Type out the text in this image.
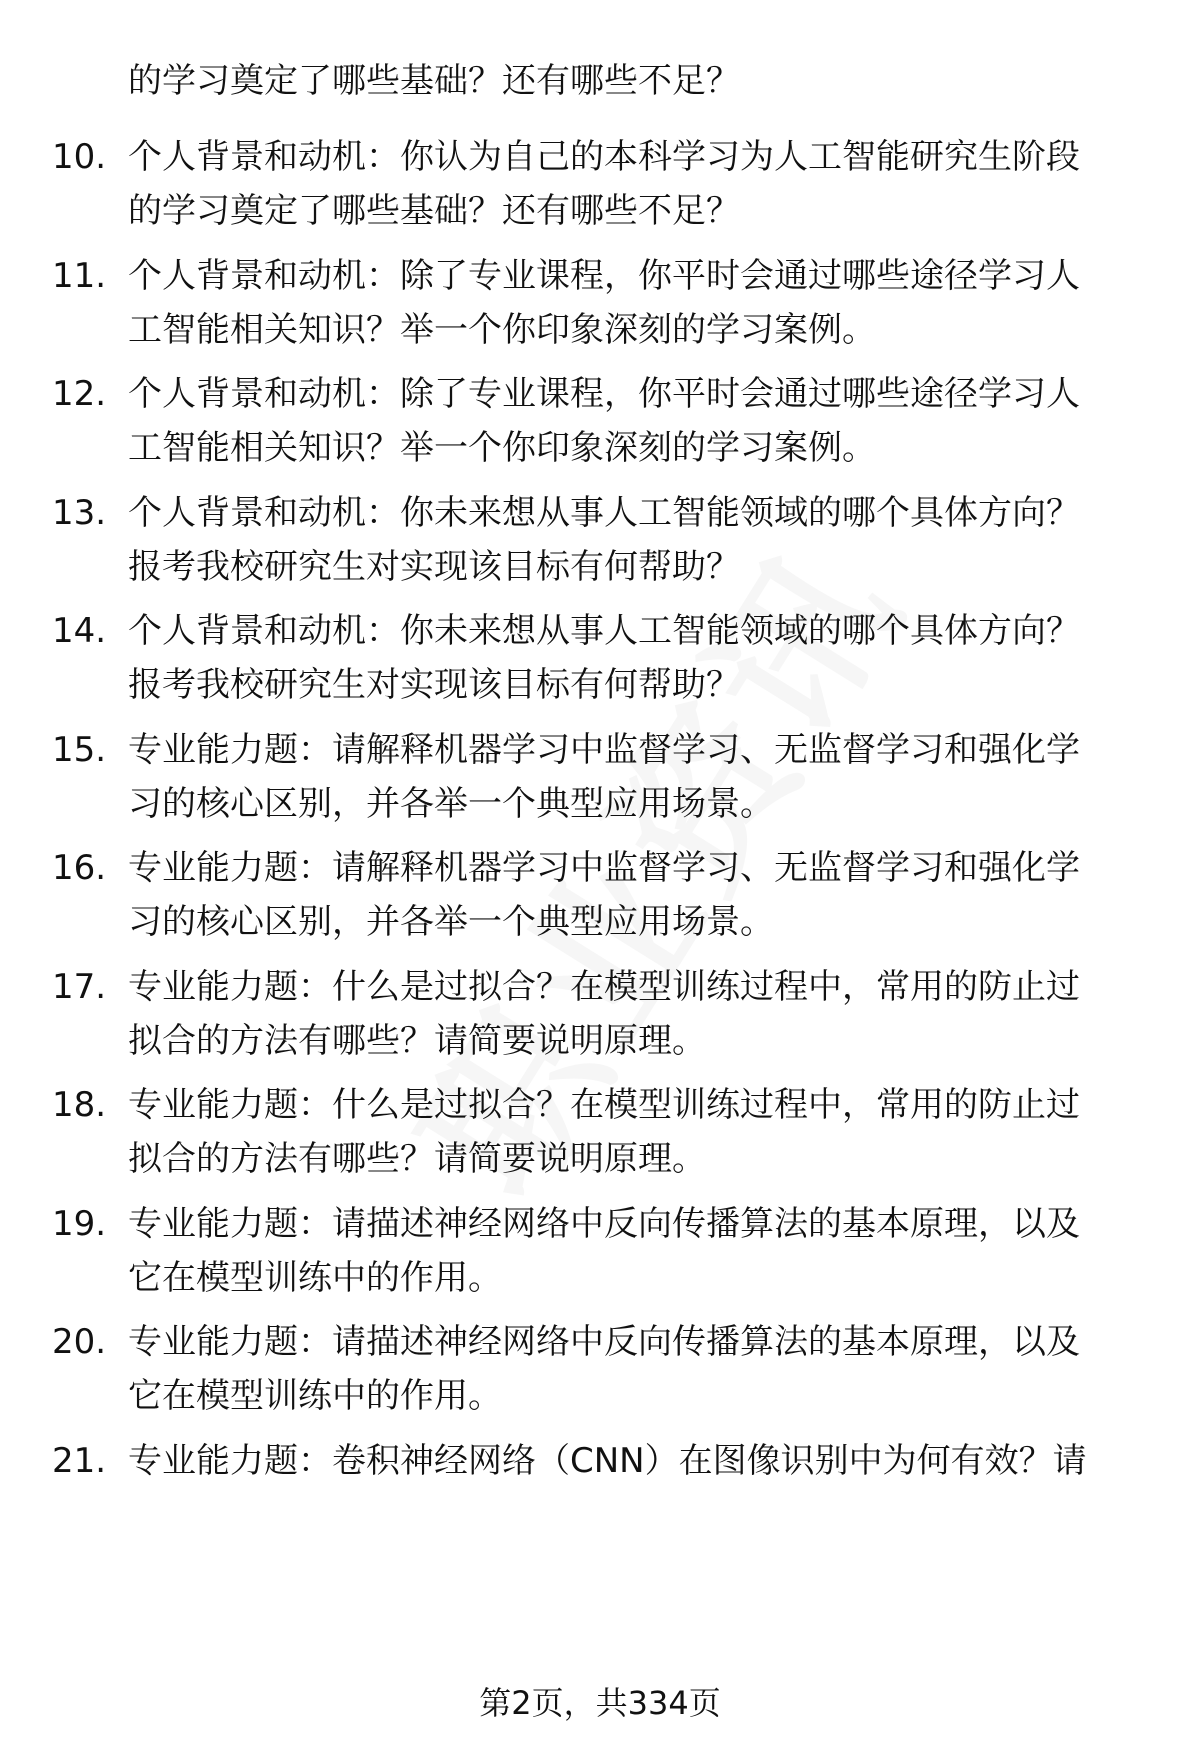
的学习奠定了哪些基础？还有哪些不足？
10. 个人背景和动机：你认为自己的本科学习为人工智能研究生阶段
的学习奠定了哪些基础？还有哪些不足？
11. 个人背景和动机：除了专业课程，你平时会通过哪些途径学习人
工智能相关知识？举一个你印象深刻的学习案例。
12. 个人背景和动机：除了专业课程，你平时会通过哪些途径学习人
工智能相关知识？举一个你印象深刻的学习案例。
13. 个人背景和动机：你未来想从事人工智能领域的哪个具体方向？
报考我校研究生对实现该目标有何帮助？
14. 个人背景和动机：你未来想从事人工智能领域的哪个具体方向？
报考我校研究生对实现该目标有何帮助？
15. 专业能力题：请解释机器学习中监督学习、无监督学习和强化学
习的核心区别，并各举一个典型应用场景。
16. 专业能力题：请解释机器学习中监督学习、无监督学习和强化学
习的核心区别，并各举一个典型应用场景。
17. 专业能力题：什么是过拟合？在模型训练过程中，常用的防止过
拟合的方法有哪些？请简要说明原理。
18. 专业能力题：什么是过拟合？在模型训练过程中，常用的防止过
拟合的方法有哪些？请简要说明原理。
19. 专业能力题：请描述神经网络中反向传播算法的基本原理，以及
它在模型训练中的作用。
20. 专业能力题：请描述神经网络中反向传播算法的基本原理，以及
它在模型训练中的作用。
21. 专业能力题：卷积神经网络（CNN）在图像识别中为何有效？请
第2页，共334页
